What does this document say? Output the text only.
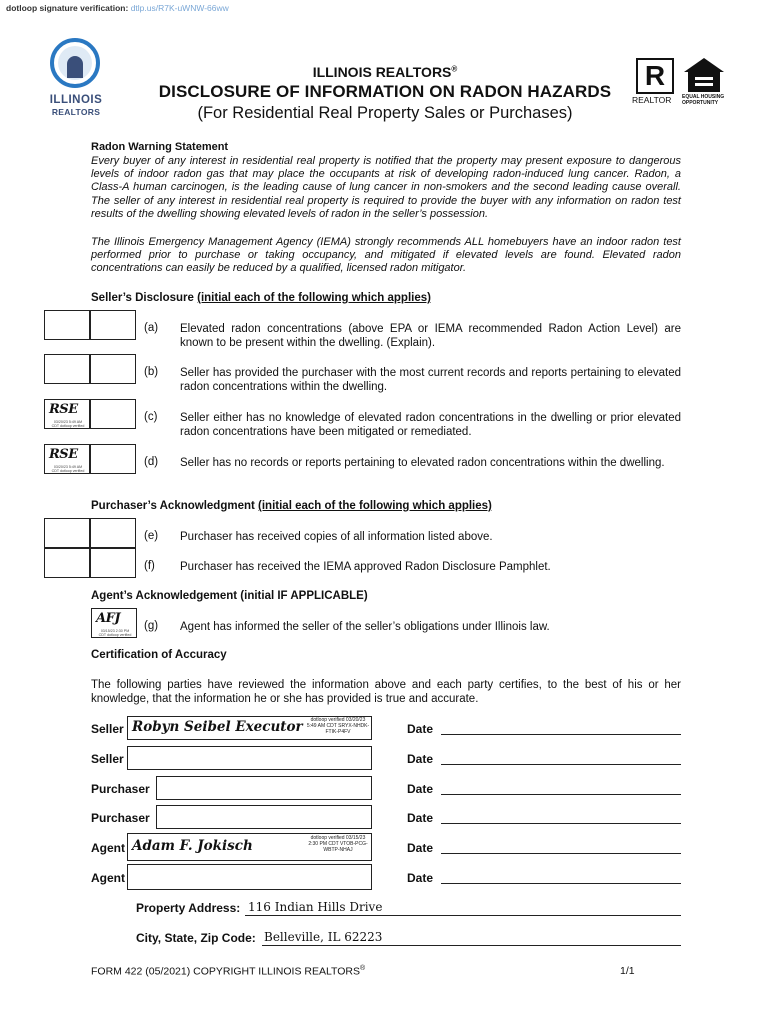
dotloop signature verification: dtlp.us/R7K-uWNW-66ww
ILLINOIS
REALTORS
ILLINOIS REALTORS®
DISCLOSURE OF INFORMATION ON RADON HAZARDS
(For Residential Real Property Sales or Purchases)
R
REALTOR EQUAL HOUSING OPPORTUNITY
Radon Warning Statement
Every buyer of any interest in residential real property is notified that the property may present exposure to dangerous levels of indoor radon gas that may place the occupants at risk of developing radon-induced lung cancer. Radon, a Class-A human carcinogen, is the leading cause of lung cancer in non-smokers and the second leading cause overall. The seller of any interest in residential real property is required to provide the buyer with any information on radon test results of the dwelling showing elevated levels of radon in the seller’s possession.
The Illinois Emergency Management Agency (IEMA) strongly recommends ALL homebuyers have an indoor radon test performed prior to purchase or taking occupancy, and mitigated if elevated levels are found. Elevated radon concentrations can easily be reduced by a qualified, licensed radon mitigator.
Seller’s Disclosure (initial each of the following which applies)
(a) Elevated radon concentrations (above EPA or IEMA recommended Radon Action Level) are known to be present within the dwelling. (Explain).
(b) Seller has provided the purchaser with the most current records and reports pertaining to elevated radon concentrations within the dwelling.
RSE
03/20/23 5:49 AM CDT dotloop verified
(c) Seller either has no knowledge of elevated radon concentrations in the dwelling or prior elevated radon concentrations have been mitigated or remediated.
RSE
03/20/23 5:49 AM CDT dotloop verified
(d) Seller has no records or reports pertaining to elevated radon concentrations within the dwelling.
Purchaser’s Acknowledgment (initial each of the following which applies)
(e) Purchaser has received copies of all information listed above.
(f) Purchaser has received the IEMA approved Radon Disclosure Pamphlet.
Agent’s Acknowledgement (initial IF APPLICABLE)
AFJ
03/15/23 2:30 PM CDT dotloop verified
(g) Agent has informed the seller of the seller’s obligations under Illinois law.
Certification of Accuracy
The following parties have reviewed the information above and each party certifies, to the best of his or her knowledge, that the information he or she has provided is true and accurate.
Seller Robyn Seibel Executor	dotloop verified 03/20/23 5:49 AM CDT SRYX-NHDK-FTIK-P4FV	Date
Seller	Date
Purchaser	Date
Purchaser	Date
Agent Adam F. Jokisch	dotloop verified 03/15/23 2:30 PM CDT VTOB-PCG-WBTP-NHAJ	Date
Agent	Date
Property Address: 116 Indian Hills Drive
City, State, Zip Code: Belleville, IL 62223
FORM 422 (05/2021) COPYRIGHT ILLINOIS REALTORS®	1/1
